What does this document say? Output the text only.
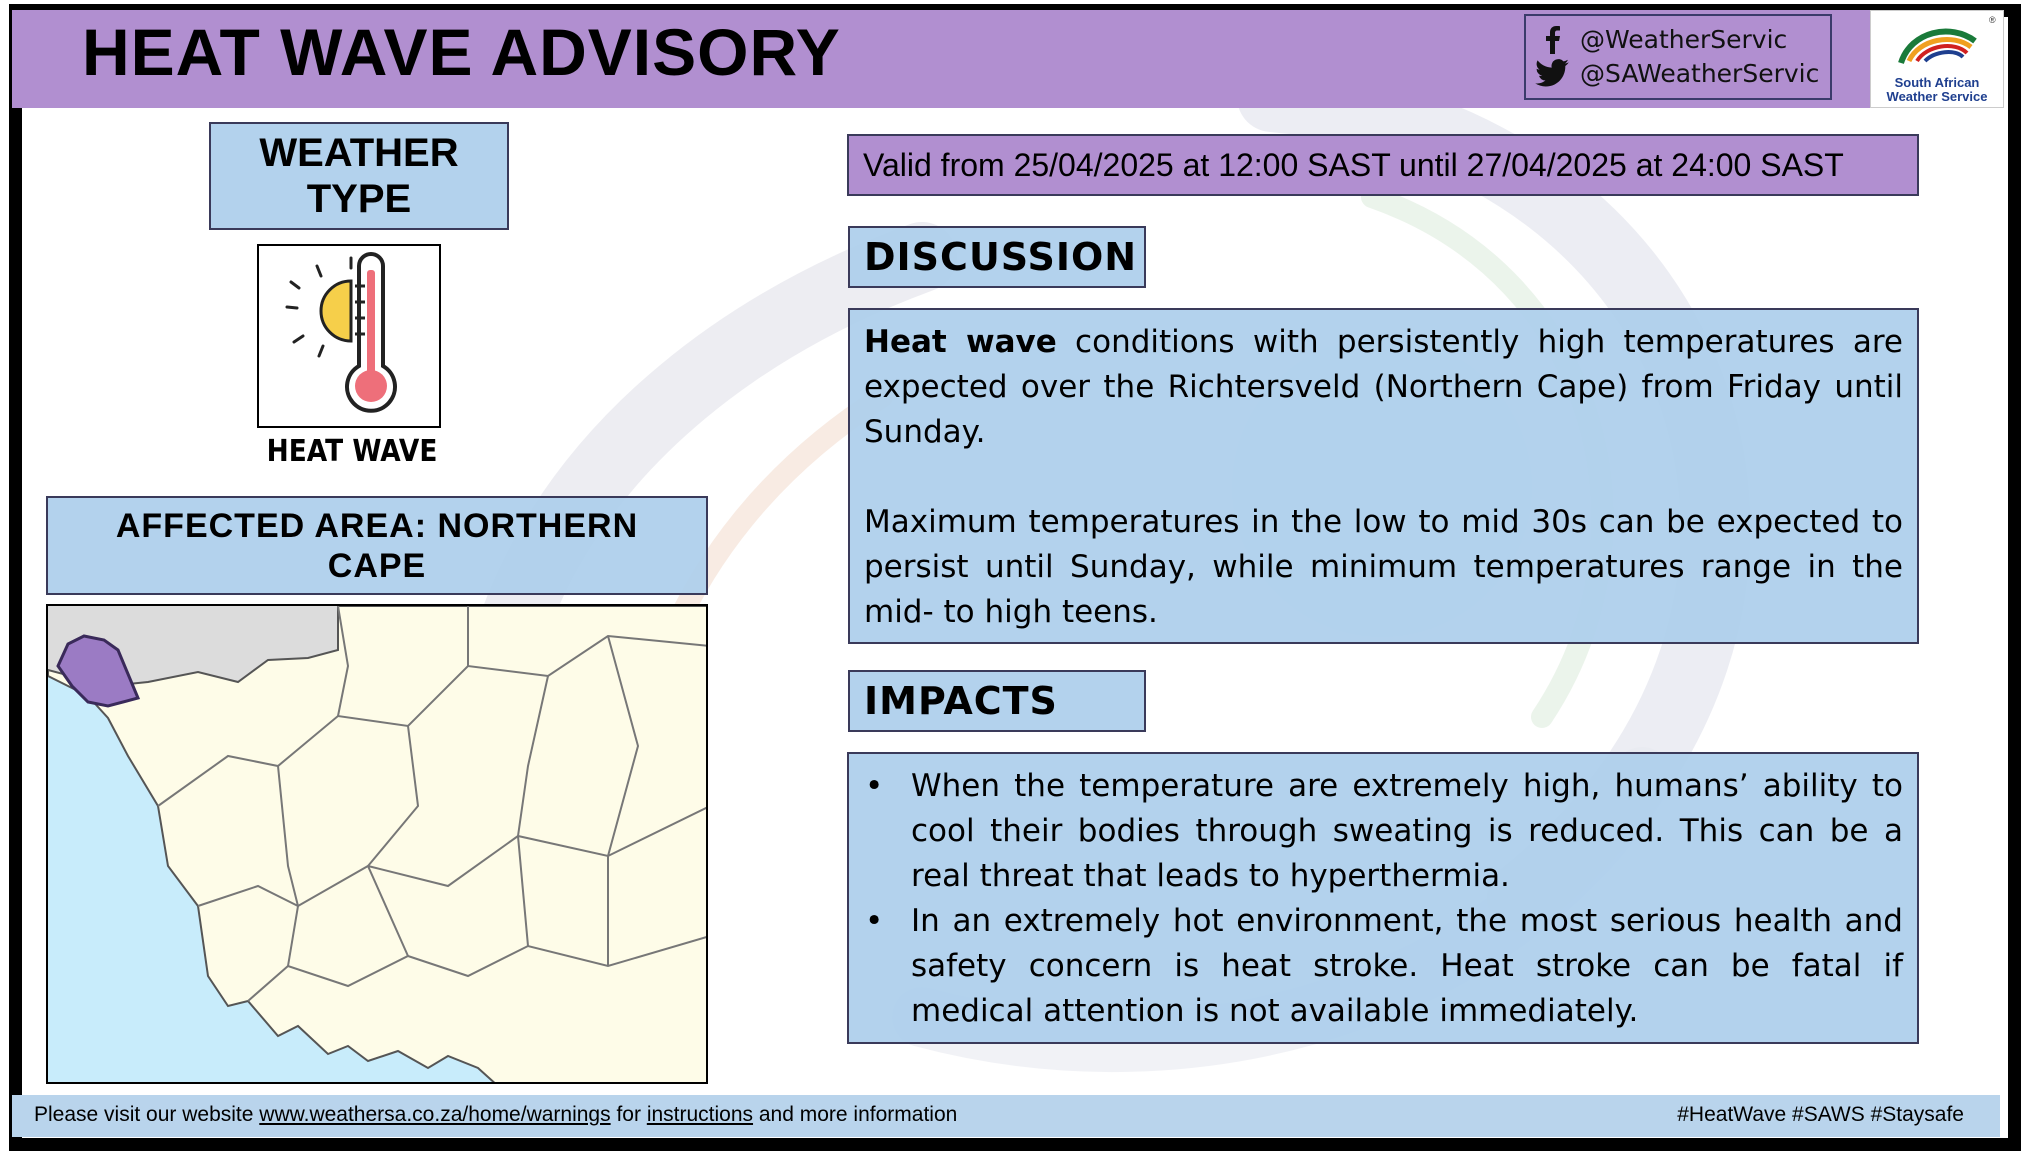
HEAT WAVE ADVISORY	@WeatherServic
@SAWeatherServic
®
South African
Weather Service
WEATHER TYPE
HEAT WAVE
AFFECTED AREA: NORTHERN CAPE
Valid from 25/04/2025 at 12:00 SAST until 27/04/2025 at 24:00 SAST
DISCUSSION

Heat wave conditions with persistently high temperatures are expected over the Richtersveld (Northern Cape) from Friday until Sunday.

Maximum temperatures in the low to mid 30s can be expected to persist until Sunday, while minimum temperatures range in the mid- to high teens.

IMPACTS
• When the temperature are extremely high, humans’ ability to cool their bodies through sweating is reduced. This can be a real threat that leads to hyperthermia.
• In an extremely hot environment, the most serious health and safety concern is heat stroke. Heat stroke can be fatal if medical attention is not available immediately.
Please visit our website www.weathersa.co.za/home/warnings for instructions and more information	#HeatWave #SAWS #Staysafe
